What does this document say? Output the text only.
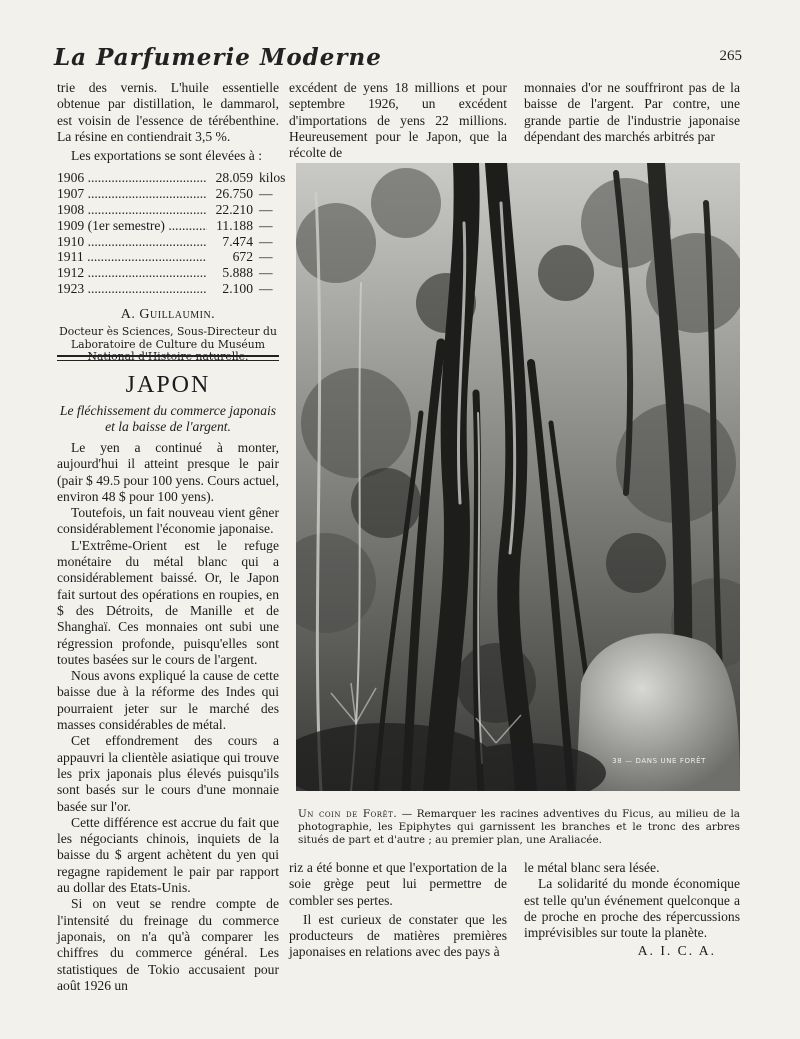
La Parfumerie Moderne	265

trie des vernis. L'huile essentielle obtenue par distillation, le dammarol, est voisin de l'essence de térébenthine. La résine en contiendrait 3,5 %.

Les exportations se sont élevées à :

1906 .....	28.059 kilos
1907 .....	26.750 —
1908 .....	22.210 —
1909 (1er semestre) .....	11.188 —
1910 .....	7.474 —
1911 .....	672 —
1912 .....	5.888 —
1923 .....	2.100 —
A. Guillaumin.
Docteur ès Sciences, Sous-Directeur du Laboratoire de Culture du Muséum National d'Histoire naturelle.
JAPON
Le fléchissement du commerce japonais et la baisse de l'argent.

Le yen a continué à monter, aujourd'hui il atteint presque le pair (pair $ 49.5 pour 100 yens. Cours actuel, environ 48 $ pour 100 yens).

Toutefois, un fait nouveau vient gêner considérablement l'économie japonaise.

L'Extrême-Orient est le refuge monétaire du métal blanc qui a considérablement baissé. Or, le Japon fait surtout des opérations en roupies, en $ des Détroits, de Manille et de Shanghaï. Ces monnaies ont subi une régression profonde, puisqu'elles sont toutes basées sur le cours de l'argent.

Nous avons expliqué la cause de cette baisse due à la réforme des Indes qui pourraient jeter sur le marché des masses considérables de métal.

Cet effondrement des cours a appauvri la clientèle asiatique qui trouve les prix japonais plus élevés puisqu'ils sont basés sur le cours d'une monnaie basée sur l'or.

Cette différence est accrue du fait que les négociants chinois, inquiets de la baisse du $ argent achètent du yen qui regagne rapidement le pair par rapport au dollar des Etats-Unis.

Si on veut se rendre compte de l'intensité du freinage du commerce japonais, on n'a qu'à comparer les chiffres du commerce général. Les statistiques de Tokio accusaient pour août 1926 un

excédent de yens 18 millions et pour septembre 1926, un excédent d'importations de yens 22 millions. Heureusement pour le Japon, que la récolte de

monnaies d'or ne souffriront pas de la baisse de l'argent. Par contre, une grande partie de l'industrie japonaise dépendant des marchés arbitrés par

38 — DANS UNE FORÊT
Un coin de Forêt. — Remarquer les racines adventives du Ficus, au milieu de la photographie, les Epiphytes qui garnissent les branches et le tronc des arbres situés de part et d'autre ; au premier plan, une Araliacée.

riz a été bonne et que l'exportation de la soie grège peut lui permettre de combler ses pertes.

Il est curieux de constater que les producteurs de matières premières japonaises en relations avec des pays à

le métal blanc sera lésée.

La solidarité du monde économique est telle qu'un événement quelconque a de proche en proche des répercussions imprévisibles sur toute la planète.

A. I. C. A.
